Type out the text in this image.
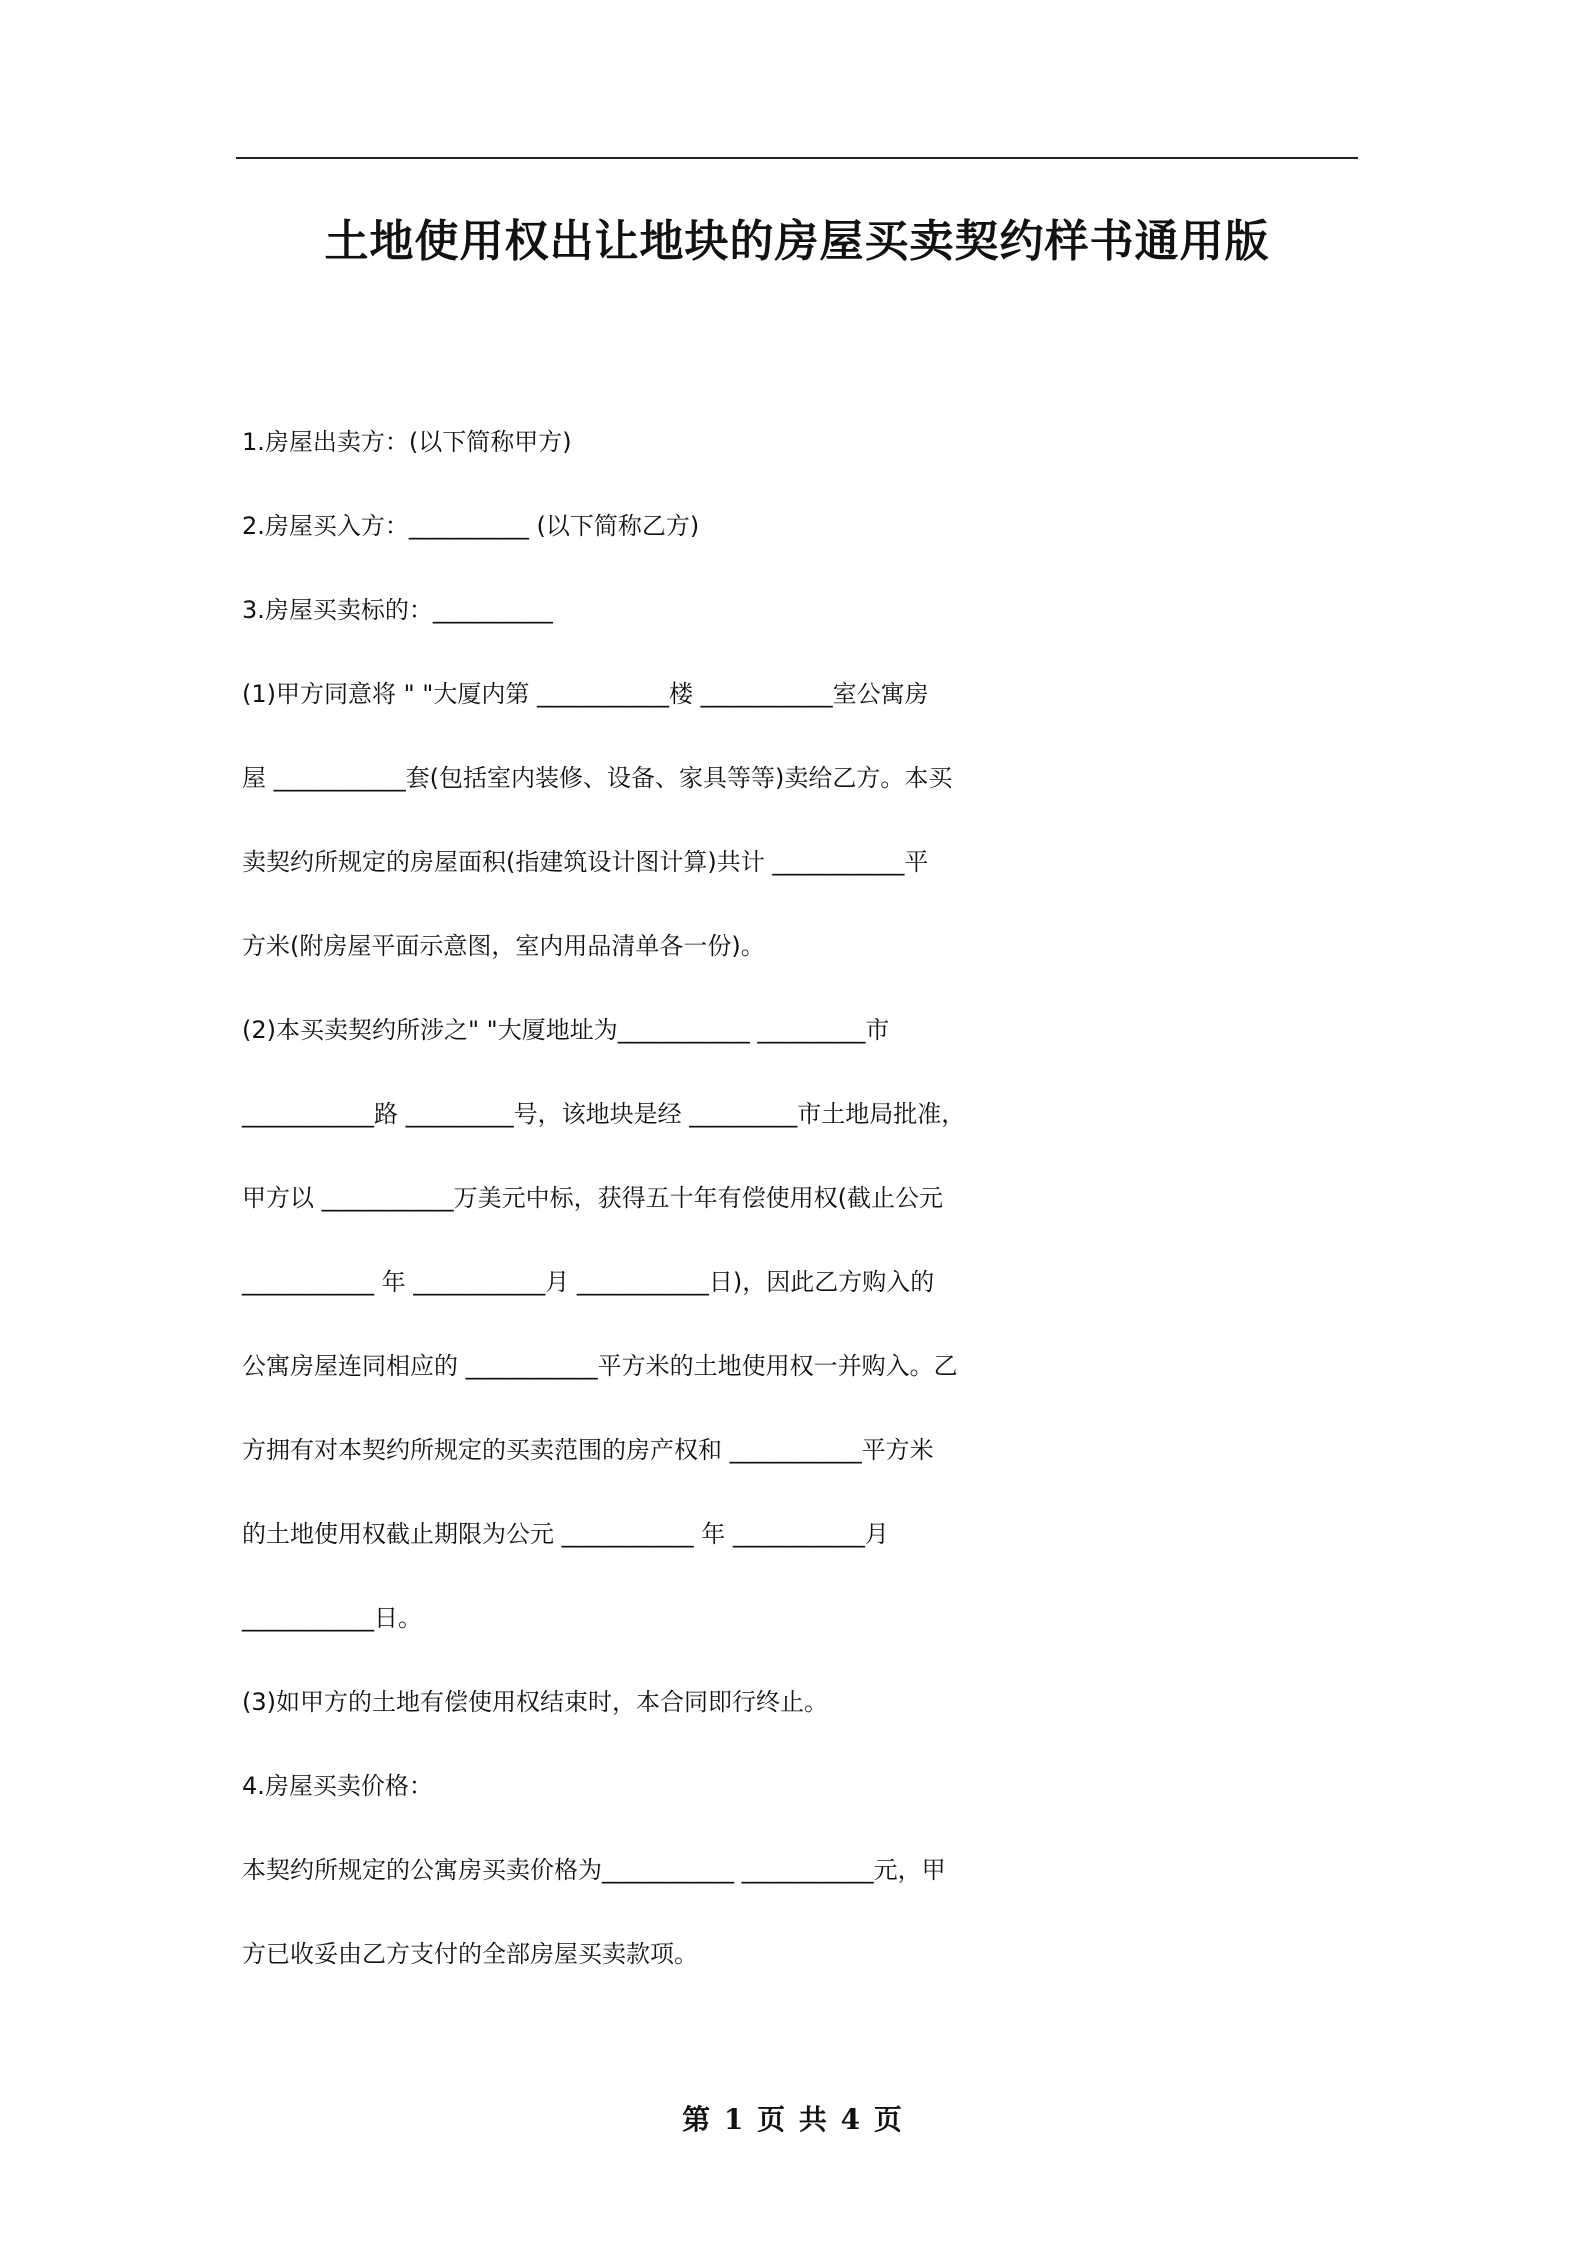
土地使用权出让地块的房屋买卖契约样书通用版
1.房屋出卖方：(以下简称甲方)
2.房屋买入方：__________ (以下简称乙方)
3.房屋买卖标的：__________
(1)甲方同意将 " "大厦内第 ___________楼 ___________室公寓房
屋 ___________套(包括室内装修、设备、家具等等)卖给乙方。本买
卖契约所规定的房屋面积(指建筑设计图计算)共计 ___________平
方米(附房屋平面示意图，室内用品清单各一份)。
(2)本买卖契约所涉之" "大厦地址为___________ _________市
___________路 _________号，该地块是经 _________市土地局批准，
甲方以 ___________万美元中标，获得五十年有偿使用权(截止公元
___________ 年 ___________月 ___________日)，因此乙方购入的
公寓房屋连同相应的 ___________平方米的土地使用权一并购入。乙
方拥有对本契约所规定的买卖范围的房产权和 ___________平方米
的土地使用权截止期限为公元 ___________ 年 ___________月
___________日。
(3)如甲方的土地有偿使用权结束时，本合同即行终止。
4.房屋买卖价格：
本契约所规定的公寓房买卖价格为___________ ___________元，甲
方已收妥由乙方支付的全部房屋买卖款项。
第 1 页 共 4 页
